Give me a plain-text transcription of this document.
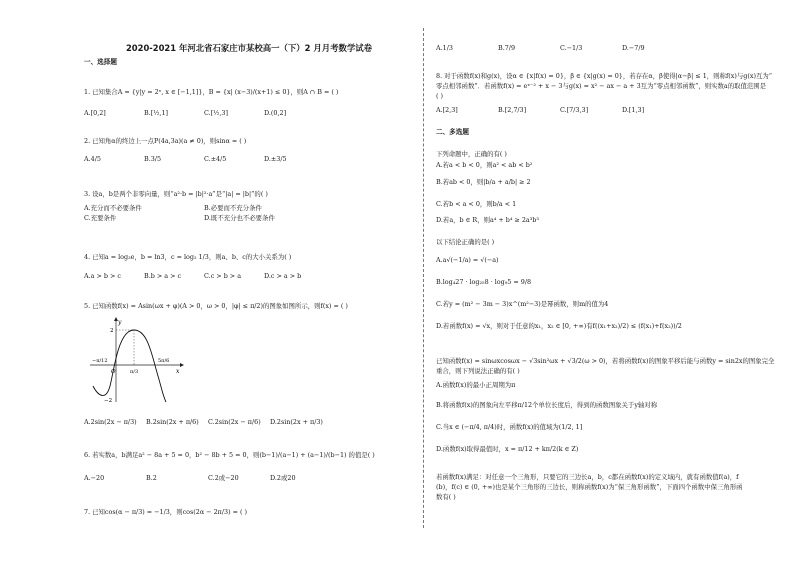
2020-2021 年河北省石家庄市某校高一（下）2 月月考数学试卷
一、选择题
1. 已知集合A = {y|y = 2ˣ, x ∈ [−1,1]}，B = {x| (x−3)/(x+1) ≤ 0}，则A ∩ B = ( )
A.[0,2]	B.[½,1]	C.[½,3]	D.(0,2]
2. 已知角α的终边上一点P(4a,3a)(a ≠ 0)，则sinα = ( )
A.4/5	B.3/5	C.±4/5	D.±3/5
3. 设a，b是两个非零向量，则“a²·b = |b|²·a”是“|a| = |b|”的( )
A.充分而不必要条件	B.必要而不充分条件
C.充要条件	D.既不充分也不必要条件
4. 已知a = log₃e，b = ln3，c = log₂ 1/3，则a、b、c的大小关系为( )
A.a > b > c	B.b > a > c	C.c > b > a	D.c > a > b
5. 已知函数f(x) = Asin(ωx + φ)(A > 0，ω > 0，|φ| ≤ π/2)的图象如图所示，则f(x) = ( )
y
x
O
2
−2
−π/12
π/3
5π/6
A.2sin(2x − π/3)	B.2sin(2x + π/6)	C.2sin(2x − π/6)	D.2sin(2x + π/3)
6. 若实数a，b满足a² − 8a + 5 = 0，b² − 8b + 5 = 0，则(b−1)/(a−1) + (a−1)/(b−1) 的值是( )
A.−20	B.2	C.2或−20	D.2或20
7. 已知cos(α − π/3) = −1/3，则cos(2α − 2π/3) = ( )
A.1/3	B.7/9	C.−1/3	D.−7/9
8. 对于函数f(x)和g(x)，设α ∈ {x|f(x) = 0}，β ∈ {x|g(x) = 0}，若存在α，β使得|α−β| ≤ 1，则称f(x)与g(x)互为“
零点相邻函数”．若函数f(x) = eˣ⁻² + x − 3与g(x) = x² − ax − a + 3互为“零点相邻函数”，则实数a的取值范围是
( )
A.[2,3]	B.[2,7/3]	C.[7/3,3]	D.[1,3]
二、多选题
下列命题中，正确的有( )
A.若a < b < 0，则a² < ab < b²
B.若ab < 0，则|b/a + a/b| ≥ 2
C.若b < a < 0，则b/a < 1
D.若a，b ∈ R，则a⁴ + b⁴ ≥ 2a³b³
以下结论正确的是( )
A.a√(−1/a) = √(−a)
B.log₄27 · log₂₅8 · log₉5 = 9/8
C.若y = (m² − 3m − 3)x^(m²−3)是幂函数，则m的值为4
D.若函数f(x) = √x，则对于任意的x₁，x₂ ∈ [0, +∞)有f((x₁+x₂)/2) ≤ (f(x₁)+f(x₂))/2
已知函数f(x) = sinωxcosωx − √3sin²ωx + √3/2(ω > 0)，若将函数f(x)的图象平移后能与函数y = sin2x的图象完全
重合，则下列说法正确的有( )
A.函数f(x)的最小正周期为π
B.将函数f(x)的图象向左平移π/12个单位长度后，得到的函数图象关于y轴对称
C.当x ∈ (−π/4, π/4)时，函数f(x)的值域为(1/2, 1]
D.函数f(x)取得最值时，x = π/12 + kπ/2(k ∈ Z)
若函数f(x)满足：对任意一个三角形，只要它的三边长a，b，c都在函数f(x)的定义域内，就有函数值f(a)，f
(b)，f(c) ∈ (0, +∞)也是某个三角形的三边长，则称函数f(x)为“保三角形函数”，下面四个函数中保三角形函
数有( )
